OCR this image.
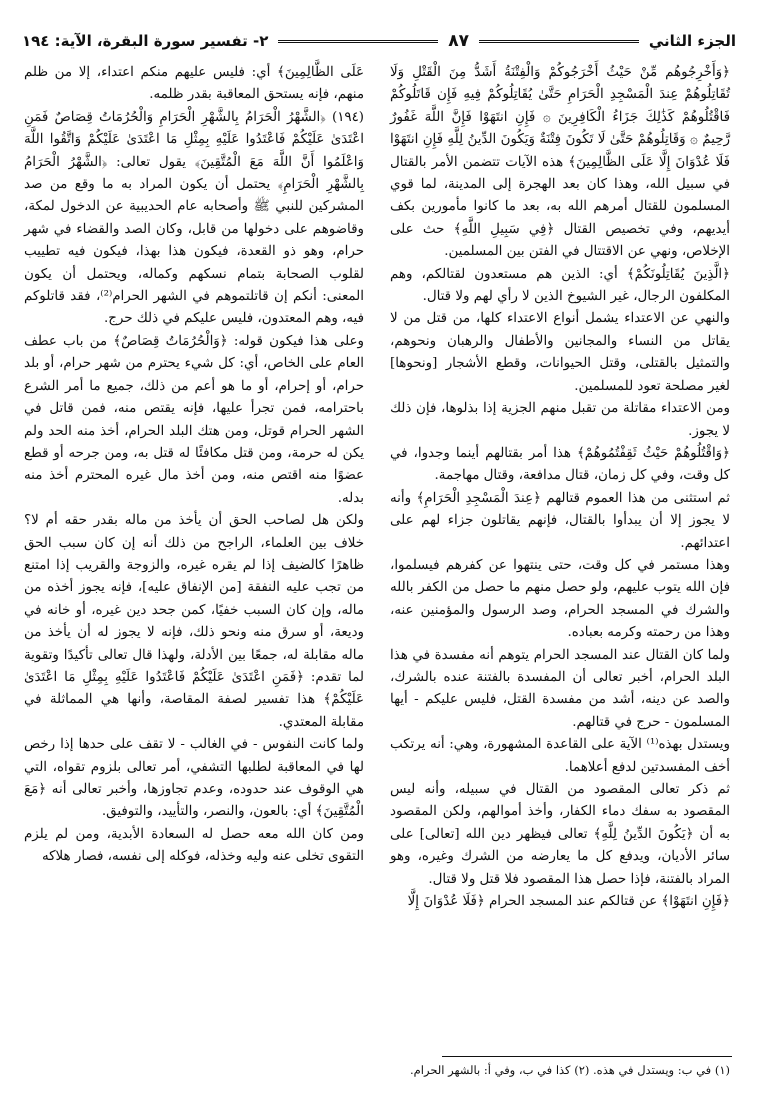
الجزء الثاني
٨٧
٢- تفسير سورة البقرة، الآية: ١٩٤

﴿وَأَخْرِجُوهُم مِّنْ حَيْثُ أَخْرَجُوكُمْ وَالْفِتْنَةُ أَشَدُّ مِنَ الْقَتْلِ وَلَا تُقَاتِلُوهُمْ عِندَ الْمَسْجِدِ الْحَرَامِ حَتَّىٰ يُقَاتِلُوكُمْ فِيهِ فَإِن قَاتَلُوكُمْ فَاقْتُلُوهُمْ كَذَٰلِكَ جَزَاءُ الْكَافِرِينَ ۞ فَإِنِ انتَهَوْا فَإِنَّ اللَّهَ غَفُورٌ رَّحِيمٌ ۞ وَقَاتِلُوهُمْ حَتَّىٰ لَا تَكُونَ فِتْنَةٌ وَيَكُونَ الدِّينُ لِلَّهِ فَإِنِ انتَهَوْا فَلَا عُدْوَانَ إِلَّا عَلَى الظَّالِمِينَ﴾ هذه الآيات تتضمن الأمر بالقتال في سبيل الله، وهذا كان بعد الهجرة إلى المدينة، لما قوي المسلمون للقتال أمرهم الله به، بعد ما كانوا مأمورين بكف أيديهم، وفي تخصيص القتال ﴿فِي سَبِيلِ اللَّهِ﴾ حث على الإخلاص، ونهي عن الاقتتال في الفتن بين المسلمين.

﴿الَّذِينَ يُقَاتِلُونَكُمْ﴾ أي: الذين هم مستعدون لقتالكم، وهم المكلفون الرجال، غير الشيوخ الذين لا رأي لهم ولا قتال.

والنهي عن الاعتداء يشمل أنواع الاعتداء كلها، من قتل من لا يقاتل من النساء والمجانين والأطفال والرهبان ونحوهم، والتمثيل بالقتلى، وقتل الحيوانات، وقطع الأشجار [ونحوها] لغير مصلحة تعود للمسلمين.

ومن الاعتداء مقاتلة من تقبل منهم الجزية إذا بذلوها، فإن ذلك لا يجوز.

﴿وَاقْتُلُوهُمْ حَيْثُ ثَقِفْتُمُوهُمْ﴾ هذا أمر بقتالهم أينما وجدوا، في كل وقت، وفي كل زمان، قتال مدافعة، وقتال مهاجمة.

ثم استثنى من هذا العموم قتالهم ﴿عِندَ الْمَسْجِدِ الْحَرَامِ﴾ وأنه لا يجوز إلا أن يبدأوا بالقتال، فإنهم يقاتلون جزاء لهم على اعتدائهم.

وهذا مستمر في كل وقت، حتى ينتهوا عن كفرهم فيسلموا، فإن الله يتوب عليهم، ولو حصل منهم ما حصل من الكفر بالله والشرك في المسجد الحرام، وصد الرسول والمؤمنين عنه، وهذا من رحمته وكرمه بعباده.

ولما كان القتال عند المسجد الحرام يتوهم أنه مفسدة في هذا البلد الحرام، أخبر تعالى أن المفسدة بالفتنة عنده بالشرك، والصد عن دينه، أشد من مفسدة القتل، فليس عليكم - أيها المسلمون - حرج في قتالهم.

ويستدل بهذه⁽¹⁾ الآية على القاعدة المشهورة، وهي: أنه يرتكب أخف المفسدتين لدفع أعلاهما.

ثم ذكر تعالى المقصود من القتال في سبيله، وأنه ليس المقصود به سفك دماء الكفار، وأخذ أموالهم، ولكن المقصود به أن ﴿يَكُونَ الدِّينُ لِلَّهِ﴾ تعالى فيظهر دين الله [تعالى] على سائر الأديان، ويدفع كل ما يعارضه من الشرك وغيره، وهو المراد بالفتنة، فإذا حصل هذا المقصود فلا قتل ولا قتال.

﴿فَإِنِ انتَهَوْا﴾ عن قتالكم عند المسجد الحرام ﴿فَلَا عُدْوَانَ إِلَّا

عَلَى الظَّالِمِينَ﴾ أي: فليس عليهم منكم اعتداء، إلا من ظلم منهم، فإنه يستحق المعاقبة بقدر ظلمه.

(١٩٤) ﴿الشَّهْرُ الْحَرَامُ بِالشَّهْرِ الْحَرَامِ وَالْحُرُمَاتُ قِصَاصٌ فَمَنِ اعْتَدَىٰ عَلَيْكُمْ فَاعْتَدُوا عَلَيْهِ بِمِثْلِ مَا اعْتَدَىٰ عَلَيْكُمْ وَاتَّقُوا اللَّهَ وَاعْلَمُوا أَنَّ اللَّهَ مَعَ الْمُتَّقِينَ﴾ يقول تعالى: ﴿الشَّهْرُ الْحَرَامُ بِالشَّهْرِ الْحَرَامِ﴾ يحتمل أن يكون المراد به ما وقع من صد المشركين للنبي ﷺ وأصحابه عام الحديبية عن الدخول لمكة، وقاضوهم على دخولها من قابل، وكان الصد والقضاء في شهر حرام، وهو ذو القعدة، فيكون هذا بهذا، فيكون فيه تطييب لقلوب الصحابة بتمام نسكهم وكماله، ويحتمل أن يكون المعنى: أنكم إن قاتلتموهم في الشهر الحرام⁽²⁾، فقد قاتلوكم فيه، وهم المعتدون، فليس عليكم في ذلك حرج.

وعلى هذا فيكون قوله: ﴿وَالْحُرُمَاتُ قِصَاصٌ﴾ من باب عطف العام على الخاص، أي: كل شيء يحترم من شهر حرام، أو بلد حرام، أو إحرام، أو ما هو أعم من ذلك، جميع ما أمر الشرع باحترامه، فمن تجرأ عليها، فإنه يقتص منه، فمن قاتل في الشهر الحرام قوتل، ومن هتك البلد الحرام، أخذ منه الحد ولم يكن له حرمة، ومن قتل مكافئًا له قتل به، ومن جرحه أو قطع عضوًا منه اقتص منه، ومن أخذ مال غيره المحترم أخذ منه بدله.

ولكن هل لصاحب الحق أن يأخذ من ماله بقدر حقه أم لا؟ خلاف بين العلماء، الراجح من ذلك أنه إن كان سبب الحق ظاهرًا كالضيف إذا لم يقره غيره، والزوجة والقريب إذا امتنع من تجب عليه النفقة [من الإنفاق عليه]، فإنه يجوز أخذه من ماله، وإن كان السبب خفيًا، كمن جحد دين غيره، أو خانه في وديعة، أو سرق منه ونحو ذلك، فإنه لا يجوز له أن يأخذ من ماله مقابلة له، جمعًا بين الأدلة، ولهذا قال تعالى تأكيدًا وتقوية لما تقدم: ﴿فَمَنِ اعْتَدَىٰ عَلَيْكُمْ فَاعْتَدُوا عَلَيْهِ بِمِثْلِ مَا اعْتَدَىٰ عَلَيْكُمْ﴾ هذا تفسير لصفة المقاصة، وأنها هي المماثلة في مقابلة المعتدي.

ولما كانت النفوس - في الغالب - لا تقف على حدها إذا رخص لها في المعاقبة لطلبها التشفي، أمر تعالى بلزوم تقواه، التي هي الوقوف عند حدوده، وعدم تجاوزها، وأخبر تعالى أنه ﴿مَعَ الْمُتَّقِينَ﴾ أي: بالعون، والنصر، والتأييد، والتوفيق.

ومن كان الله معه حصل له السعادة الأبدية، ومن لم يلزم التقوى تخلى عنه وليه وخذله، فوكله إلى نفسه، فصار هلاكه

(١) في ب: ويستدل في هذه. (٢) كذا في ب، وفي أ: بالشهر الحرام.
